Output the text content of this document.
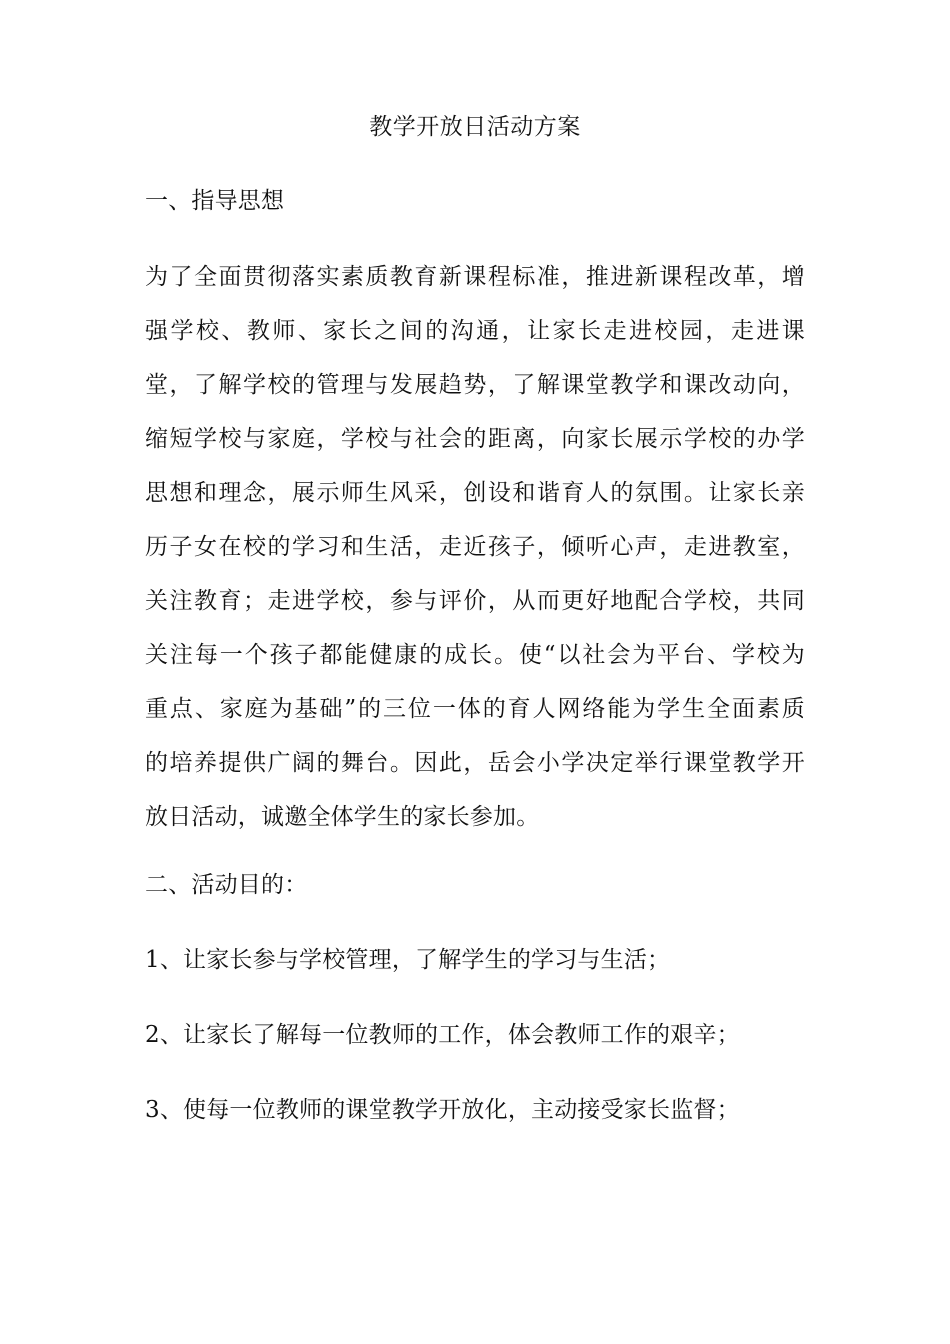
教学开放日活动方案
一、指导思想
为了全面贯彻落实素质教育新课程标准，推进新课程改革，增
强学校、教师、家长之间的沟通，让家长走进校园，走进课
堂，了解学校的管理与发展趋势，了解课堂教学和课改动向，
缩短学校与家庭，学校与社会的距离，向家长展示学校的办学
思想和理念，展示师生风采，创设和谐育人的氛围。让家长亲
历子女在校的学习和生活，走近孩子，倾听心声，走进教室，
关注教育；走进学校，参与评价，从而更好地配合学校，共同
关注每一个孩子都能健康的成长。使“以社会为平台、学校为
重点、家庭为基础”的三位一体的育人网络能为学生全面素质
的培养提供广阔的舞台。因此，岳会小学决定举行课堂教学开
放日活动，诚邀全体学生的家长参加。
二、活动目的：
1、让家长参与学校管理，了解学生的学习与生活；
2、让家长了解每一位教师的工作，体会教师工作的艰辛；
3、使每一位教师的课堂教学开放化，主动接受家长监督；
